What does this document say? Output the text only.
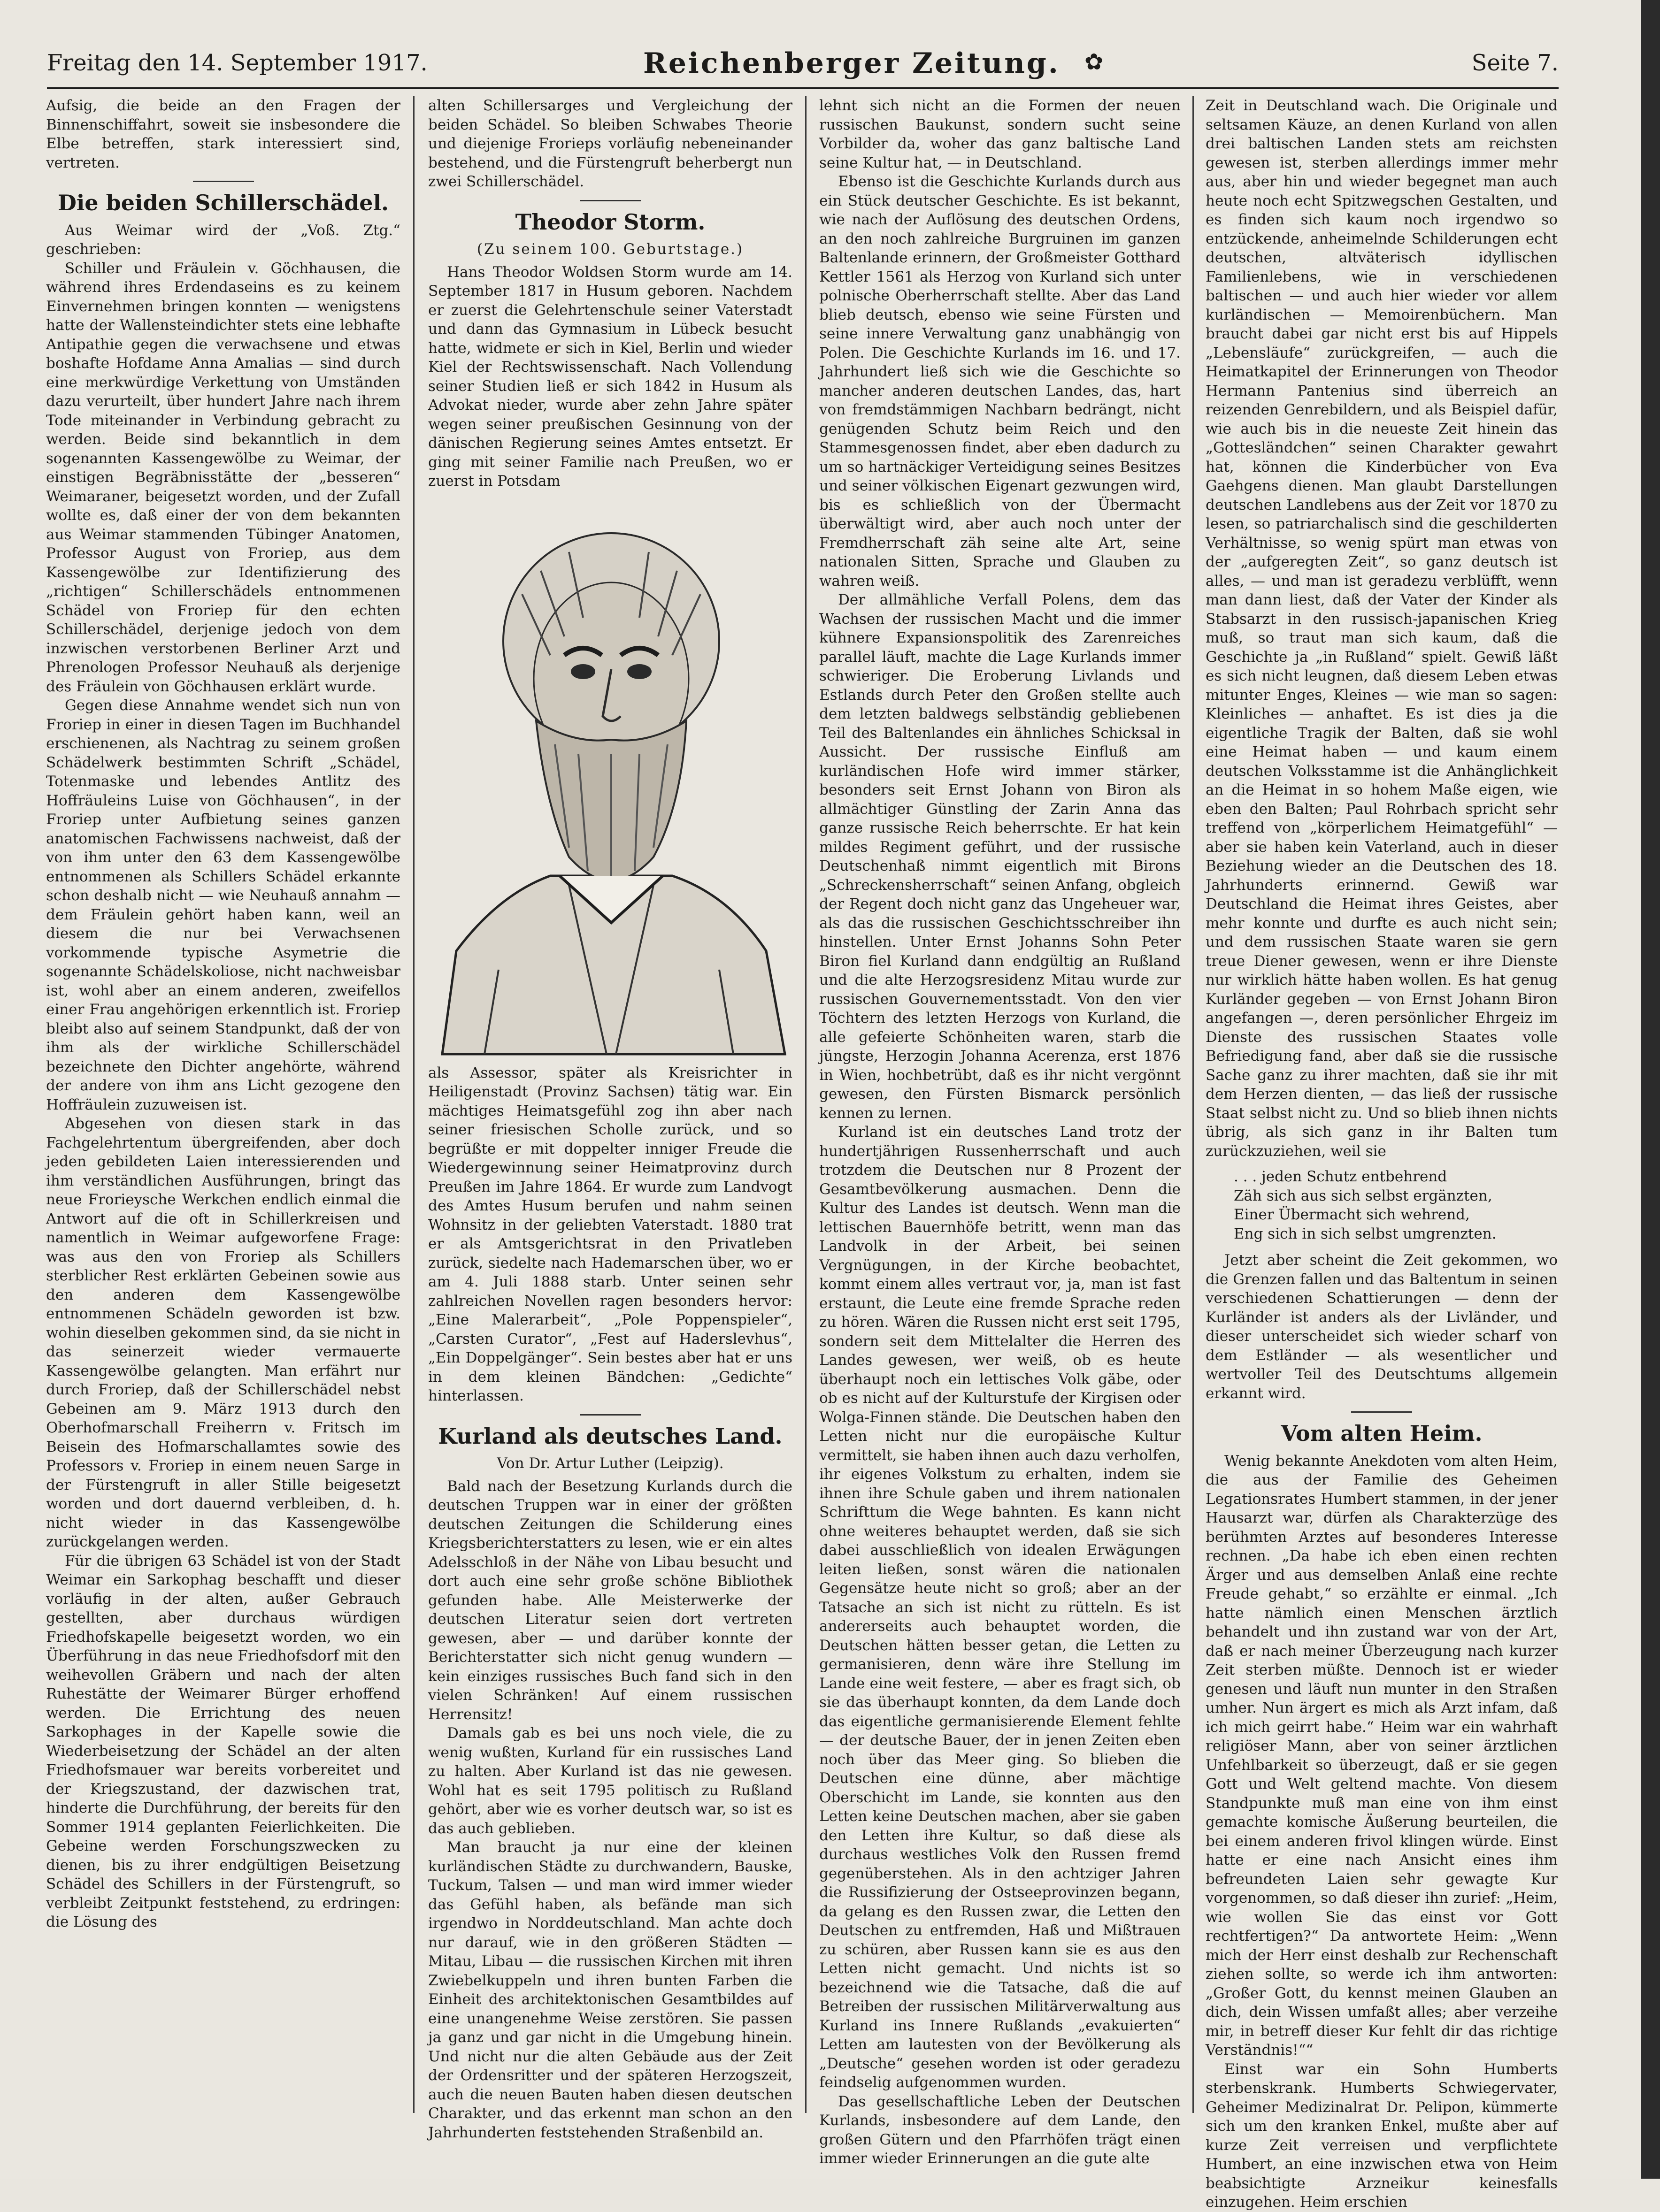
Freitag den 14. September 1917.	Reichenberger Zeitung. ✿	Seite 7.

Aufsig, die beide an den Fragen der Binnenschiffahrt, soweit sie insbesondere die Elbe betreffen, stark interessiert sind, vertreten.

Die beiden Schillerschädel.

Aus Weimar wird der „Voß. Ztg.“ geschrieben:

Schiller und Fräulein v. Göchhausen, die während ihres Erdendaseins es zu keinem Einvernehmen bringen konnten — wenigstens hatte der Wallensteindichter stets eine lebhafte Antipathie gegen die verwachsene und etwas boshafte Hofdame Anna Amalias — sind durch eine merkwürdige Verkettung von Umständen dazu verurteilt, über hundert Jahre nach ihrem Tode miteinander in Verbindung gebracht zu werden. Beide sind bekanntlich in dem sogenannten Kassengewölbe zu Weimar, der einstigen Begräbnisstätte der „besseren“ Weimaraner, beigesetzt worden, und der Zufall wollte es, daß einer der von dem bekannten aus Weimar stammenden Tübinger Anatomen, Professor August von Froriep, aus dem Kassengewölbe zur Identifizierung des „richtigen“ Schillerschädels entnommenen Schädel von Froriep für den echten Schillerschädel, derjenige jedoch von dem inzwischen verstorbenen Berliner Arzt und Phrenologen Professor Neuhauß als derjenige des Fräulein von Göchhausen erklärt wurde.

Gegen diese Annahme wendet sich nun von Froriep in einer in diesen Tagen im Buchhandel erschienenen, als Nachtrag zu seinem großen Schädelwerk bestimmten Schrift „Schädel, Totenmaske und lebendes Antlitz des Hoffräuleins Luise von Göchhausen“, in der Froriep unter Aufbietung seines ganzen anatomischen Fachwissens nachweist, daß der von ihm unter den 63 dem Kassengewölbe entnommenen als Schillers Schädel erkannte schon deshalb nicht — wie Neuhauß annahm — dem Fräulein gehört haben kann, weil an diesem die nur bei Verwachsenen vorkommende typische Asymetrie die sogenannte Schädelskoliose, nicht nachweisbar ist, wohl aber an einem anderen, zweifellos einer Frau angehörigen erkenntlich ist. Froriep bleibt also auf seinem Standpunkt, daß der von ihm als der wirkliche Schillerschädel bezeichnete den Dichter angehörte, während der andere von ihm ans Licht gezogene den Hoffräulein zuzuweisen ist.

Abgesehen von diesen stark in das Fachgelehrtentum übergreifenden, aber doch jeden gebildeten Laien interessierenden und ihm verständlichen Ausführungen, bringt das neue Frorieysche Werkchen endlich einmal die Antwort auf die oft in Schillerkreisen und namentlich in Weimar aufgeworfene Frage: was aus den von Froriep als Schillers sterblicher Rest erklärten Gebeinen sowie aus den anderen dem Kassengewölbe entnommenen Schädeln geworden ist bzw. wohin dieselben gekommen sind, da sie nicht in das seinerzeit wieder vermauerte Kassengewölbe gelangten. Man erfährt nur durch Froriep, daß der Schillerschädel nebst Gebeinen am 9. März 1913 durch den Oberhofmarschall Freiherrn v. Fritsch im Beisein des Hofmarschallamtes sowie des Professors v. Froriep in einem neuen Sarge in der Fürstengruft in aller Stille beigesetzt worden und dort dauernd verbleiben, d. h. nicht wieder in das Kassengewölbe zurückgelangen werden.

Für die übrigen 63 Schädel ist von der Stadt Weimar ein Sarkophag beschafft und dieser vorläufig in der alten, außer Gebrauch gestellten, aber durchaus würdigen Friedhofskapelle beigesetzt worden, wo ein Überführung in das neue Friedhofsdorf mit den weihevollen Gräbern und nach der alten Ruhestätte der Weimarer Bürger erhoffend werden. Die Errichtung des neuen Sarkophages in der Kapelle sowie die Wiederbeisetzung der Schädel an der alten Friedhofsmauer war bereits vorbereitet und der Kriegszustand, der dazwischen trat, hinderte die Durchführung, der bereits für den Sommer 1914 geplanten Feierlichkeiten. Die Gebeine werden Forschungszwecken zu dienen, bis zu ihrer endgültigen Beisetzung Schädel des Schillers in der Fürstengruft, so verbleibt Zeitpunkt feststehend, zu erdringen: die Lösung des

alten Schillersarges und Vergleichung der beiden Schädel. So bleiben Schwabes Theorie und diejenige Frorieps vorläufig nebeneinander bestehend, und die Fürstengruft beherbergt nun zwei Schillerschädel.

Theodor Storm.
(Zu seinem 100. Geburtstage.)

Hans Theodor Woldsen Storm wurde am 14. September 1817 in Husum geboren. Nachdem er zuerst die Gelehrtenschule seiner Vaterstadt und dann das Gymnasium in Lübeck besucht hatte, widmete er sich in Kiel, Berlin und wieder Kiel der Rechtswissenschaft. Nach Vollendung seiner Studien ließ er sich 1842 in Husum als Advokat nieder, wurde aber zehn Jahre später wegen seiner preußischen Gesinnung von der dänischen Regierung seines Amtes entsetzt. Er ging mit seiner Familie nach Preußen, wo er zuerst in Potsdam

als Assessor, später als Kreisrichter in Heiligenstadt (Provinz Sachsen) tätig war. Ein mächtiges Heimatsgefühl zog ihn aber nach seiner friesischen Scholle zurück, und so begrüßte er mit doppelter inniger Freude die Wiedergewinnung seiner Heimatprovinz durch Preußen im Jahre 1864. Er wurde zum Landvogt des Amtes Husum berufen und nahm seinen Wohnsitz in der geliebten Vaterstadt. 1880 trat er als Amtsgerichtsrat in den Privatleben zurück, siedelte nach Hademarschen über, wo er am 4. Juli 1888 starb. Unter seinen sehr zahlreichen Novellen ragen besonders hervor: „Eine Malerarbeit“, „Pole Poppenspieler“, „Carsten Curator“, „Fest auf Haderslevhus“, „Ein Doppelgänger“. Sein bestes aber hat er uns in dem kleinen Bändchen: „Gedichte“ hinterlassen.

Kurland als deutsches Land.
Von Dr. Artur Luther (Leipzig).

Bald nach der Besetzung Kurlands durch die deutschen Truppen war in einer der größten deutschen Zeitungen die Schilderung eines Kriegsberichterstatters zu lesen, wie er ein altes Adelsschloß in der Nähe von Libau besucht und dort auch eine sehr große schöne Bibliothek gefunden habe. Alle Meisterwerke der deutschen Literatur seien dort vertreten gewesen, aber — und darüber konnte der Berichterstatter sich nicht genug wundern — kein einziges russisches Buch fand sich in den vielen Schränken! Auf einem russischen Herrensitz!

Damals gab es bei uns noch viele, die zu wenig wußten, Kurland für ein russisches Land zu halten. Aber Kurland ist das nie gewesen. Wohl hat es seit 1795 politisch zu Rußland gehört, aber wie es vorher deutsch war, so ist es das auch geblieben.

Man braucht ja nur eine der kleinen kurländischen Städte zu durchwandern, Bauske, Tuckum, Talsen — und man wird immer wieder das Gefühl haben, als befände man sich irgendwo in Norddeutschland. Man achte doch nur darauf, wie in den größeren Städten — Mitau, Libau — die russischen Kirchen mit ihren Zwiebelkuppeln und ihren bunten Farben die Einheit des architektonischen Gesamtbildes auf eine unangenehme Weise zerstören. Sie passen ja ganz und gar nicht in die Umgebung hinein. Und nicht nur die alten Gebäude aus der Zeit der Ordensritter und der späteren Herzogszeit, auch die neuen Bauten haben diesen deutschen Charakter, und das erkennt man schon an den Jahrhunderten feststehenden Straßenbild an.

lehnt sich nicht an die Formen der neuen russischen Baukunst, sondern sucht seine Vorbilder da, woher das ganz baltische Land seine Kultur hat, — in Deutschland.

Ebenso ist die Geschichte Kurlands durch aus ein Stück deutscher Geschichte. Es ist bekannt, wie nach der Auflösung des deutschen Ordens, an den noch zahlreiche Burgruinen im ganzen Baltenlande erinnern, der Großmeister Gotthard Kettler 1561 als Herzog von Kurland sich unter polnische Oberherrschaft stellte. Aber das Land blieb deutsch, ebenso wie seine Fürsten und seine innere Verwaltung ganz unabhängig von Polen. Die Geschichte Kurlands im 16. und 17. Jahrhundert ließ sich wie die Geschichte so mancher anderen deutschen Landes, das, hart von fremdstämmigen Nachbarn bedrängt, nicht genügenden Schutz beim Reich und den Stammesgenossen findet, aber eben dadurch zu um so hartnäckiger Verteidigung seines Besitzes und seiner völkischen Eigenart gezwungen wird, bis es schließlich von der Übermacht überwältigt wird, aber auch noch unter der Fremdherrschaft zäh seine alte Art, seine nationalen Sitten, Sprache und Glauben zu wahren weiß.

Der allmähliche Verfall Polens, dem das Wachsen der russischen Macht und die immer kühnere Expansionspolitik des Zarenreiches parallel läuft, machte die Lage Kurlands immer schwieriger. Die Eroberung Livlands und Estlands durch Peter den Großen stellte auch dem letzten baldwegs selbständig gebliebenen Teil des Baltenlandes ein ähnliches Schicksal in Aussicht. Der russische Einfluß am kurländischen Hofe wird immer stärker, besonders seit Ernst Johann von Biron als allmächtiger Günstling der Zarin Anna das ganze russische Reich beherrschte. Er hat kein mildes Regiment geführt, und der russische Deutschenhaß nimmt eigentlich mit Birons „Schreckensherrschaft“ seinen Anfang, obgleich der Regent doch nicht ganz das Ungeheuer war, als das die russischen Geschichtsschreiber ihn hinstellen. Unter Ernst Johanns Sohn Peter Biron fiel Kurland dann endgültig an Rußland und die alte Herzogsresidenz Mitau wurde zur russischen Gouvernementsstadt. Von den vier Töchtern des letzten Herzogs von Kurland, die alle gefeierte Schönheiten waren, starb die jüngste, Herzogin Johanna Acerenza, erst 1876 in Wien, hochbetrübt, daß es ihr nicht vergönnt gewesen, den Fürsten Bismarck persönlich kennen zu lernen.

Kurland ist ein deutsches Land trotz der hundertjährigen Russenherrschaft und auch trotzdem die Deutschen nur 8 Prozent der Gesamtbevölkerung ausmachen. Denn die Kultur des Landes ist deutsch. Wenn man die lettischen Bauernhöfe betritt, wenn man das Landvolk in der Arbeit, bei seinen Vergnügungen, in der Kirche beobachtet, kommt einem alles vertraut vor, ja, man ist fast erstaunt, die Leute eine fremde Sprache reden zu hören. Wären die Russen nicht erst seit 1795, sondern seit dem Mittelalter die Herren des Landes gewesen, wer weiß, ob es heute überhaupt noch ein lettisches Volk gäbe, oder ob es nicht auf der Kulturstufe der Kirgisen oder Wolga-Finnen stände. Die Deutschen haben den Letten nicht nur die europäische Kultur vermittelt, sie haben ihnen auch dazu verholfen, ihr eigenes Volkstum zu erhalten, indem sie ihnen ihre Schule gaben und ihrem nationalen Schrifttum die Wege bahnten. Es kann nicht ohne weiteres behauptet werden, daß sie sich dabei ausschließlich von idealen Erwägungen leiten ließen, sonst wären die nationalen Gegensätze heute nicht so groß; aber an der Tatsache an sich ist nicht zu rütteln. Es ist andererseits auch behauptet worden, die Deutschen hätten besser getan, die Letten zu germanisieren, denn wäre ihre Stellung im Lande eine weit festere, — aber es fragt sich, ob sie das überhaupt konnten, da dem Lande doch das eigentliche germanisierende Element fehlte — der deutsche Bauer, der in jenen Zeiten eben noch über das Meer ging. So blieben die Deutschen eine dünne, aber mächtige Oberschicht im Lande, sie konnten aus den Letten keine Deutschen machen, aber sie gaben den Letten ihre Kultur, so daß diese als durchaus westliches Volk den Russen fremd gegenüberstehen. Als in den achtziger Jahren die Russifizierung der Ostseeprovinzen begann, da gelang es den Russen zwar, die Letten den Deutschen zu entfremden, Haß und Mißtrauen zu schüren, aber Russen kann sie es aus den Letten nicht gemacht. Und nichts ist so bezeichnend wie die Tatsache, daß die auf Betreiben der russischen Militärverwaltung aus Kurland ins Innere Rußlands „evakuierten“ Letten am lautesten von der Bevölkerung als „Deutsche“ gesehen worden ist oder geradezu feindselig aufgenommen wurden.

Das gesellschaftliche Leben der Deutschen Kurlands, insbesondere auf dem Lande, den großen Gütern und den Pfarrhöfen trägt einen immer wieder Erinnerungen an die gute alte

Zeit in Deutschland wach. Die Originale und seltsamen Käuze, an denen Kurland von allen drei baltischen Landen stets am reichsten gewesen ist, sterben allerdings immer mehr aus, aber hin und wieder begegnet man auch heute noch echt Spitzwegschen Gestalten, und es finden sich kaum noch irgendwo so entzückende, anheimelnde Schilderungen echt deutschen, altväterisch idyllischen Familienlebens, wie in verschiedenen baltischen — und auch hier wieder vor allem kurländischen — Memoirenbüchern. Man braucht dabei gar nicht erst bis auf Hippels „Lebensläufe“ zurückgreifen, — auch die Heimatkapitel der Erinnerungen von Theodor Hermann Pantenius sind überreich an reizenden Genrebildern, und als Beispiel dafür, wie auch bis in die neueste Zeit hinein das „Gottesländchen“ seinen Charakter gewahrt hat, können die Kinderbücher von Eva Gaehgens dienen. Man glaubt Darstellungen deutschen Landlebens aus der Zeit vor 1870 zu lesen, so patriarchalisch sind die geschilderten Verhältnisse, so wenig spürt man etwas von der „aufgeregten Zeit“, so ganz deutsch ist alles, — und man ist geradezu verblüfft, wenn man dann liest, daß der Vater der Kinder als Stabsarzt in den russisch-japanischen Krieg muß, so traut man sich kaum, daß die Geschichte ja „in Rußland“ spielt. Gewiß läßt es sich nicht leugnen, daß diesem Leben etwas mitunter Enges, Kleines — wie man so sagen: Kleinliches — anhaftet. Es ist dies ja die eigentliche Tragik der Balten, daß sie wohl eine Heimat haben — und kaum einem deutschen Volksstamme ist die Anhänglichkeit an die Heimat in so hohem Maße eigen, wie eben den Balten; Paul Rohrbach spricht sehr treffend von „körperlichem Heimatgefühl“ — aber sie haben kein Vaterland, auch in dieser Beziehung wieder an die Deutschen des 18. Jahrhunderts erinnernd. Gewiß war Deutschland die Heimat ihres Geistes, aber mehr konnte und durfte es auch nicht sein; und dem russischen Staate waren sie gern treue Diener gewesen, wenn er ihre Dienste nur wirklich hätte haben wollen. Es hat genug Kurländer gegeben — von Ernst Johann Biron angefangen —, deren persönlicher Ehrgeiz im Dienste des russischen Staates volle Befriedigung fand, aber daß sie die russische Sache ganz zu ihrer machten, daß sie ihr mit dem Herzen dienten, — das ließ der russische Staat selbst nicht zu. Und so blieb ihnen nichts übrig, als sich ganz in ihr Balten tum zurückzuziehen, weil sie

. . . jeden Schutz entbehrend
Zäh sich aus sich selbst ergänzten,
Einer Übermacht sich wehrend,
Eng sich in sich selbst umgrenzten.

Jetzt aber scheint die Zeit gekommen, wo die Grenzen fallen und das Baltentum in seinen verschiedenen Schattierungen — denn der Kurländer ist anders als der Livländer, und dieser unterscheidet sich wieder scharf von dem Estländer — als wesentlicher und wertvoller Teil des Deutschtums allgemein erkannt wird.

Vom alten Heim.

Wenig bekannte Anekdoten vom alten Heim, die aus der Familie des Geheimen Legationsrates Humbert stammen, in der jener Hausarzt war, dürfen als Charakterzüge des berühmten Arztes auf besonderes Interesse rechnen. „Da habe ich eben einen rechten Ärger und aus demselben Anlaß eine rechte Freude gehabt,“ so erzählte er einmal. „Ich hatte nämlich einen Menschen ärztlich behandelt und ihn zustand war von der Art, daß er nach meiner Überzeugung nach kurzer Zeit sterben müßte. Dennoch ist er wieder genesen und läuft nun munter in den Straßen umher. Nun ärgert es mich als Arzt infam, daß ich mich geirrt habe.“ Heim war ein wahrhaft religiöser Mann, aber von seiner ärztlichen Unfehlbarkeit so überzeugt, daß er sie gegen Gott und Welt geltend machte. Von diesem Standpunkte muß man eine von ihm einst gemachte komische Äußerung beurteilen, die bei einem anderen frivol klingen würde. Einst hatte er eine nach Ansicht eines ihm befreundeten Laien sehr gewagte Kur vorgenommen, so daß dieser ihn zurief: „Heim, wie wollen Sie das einst vor Gott rechtfertigen?“ Da antwortete Heim: „Wenn mich der Herr einst deshalb zur Rechenschaft ziehen sollte, so werde ich ihm antworten: „Großer Gott, du kennst meinen Glauben an dich, dein Wissen umfaßt alles; aber verzeihe mir, in betreff dieser Kur fehlt dir das richtige Verständnis!““

Einst war ein Sohn Humberts sterbenskrank. Humberts Schwiegervater, Geheimer Medizinalrat Dr. Pelipon, kümmerte sich um den kranken Enkel, mußte aber auf kurze Zeit verreisen und verpflichtete Humbert, an eine inzwischen etwa von Heim beabsichtigte Arzneikur keinesfalls einzugehen. Heim erschien
